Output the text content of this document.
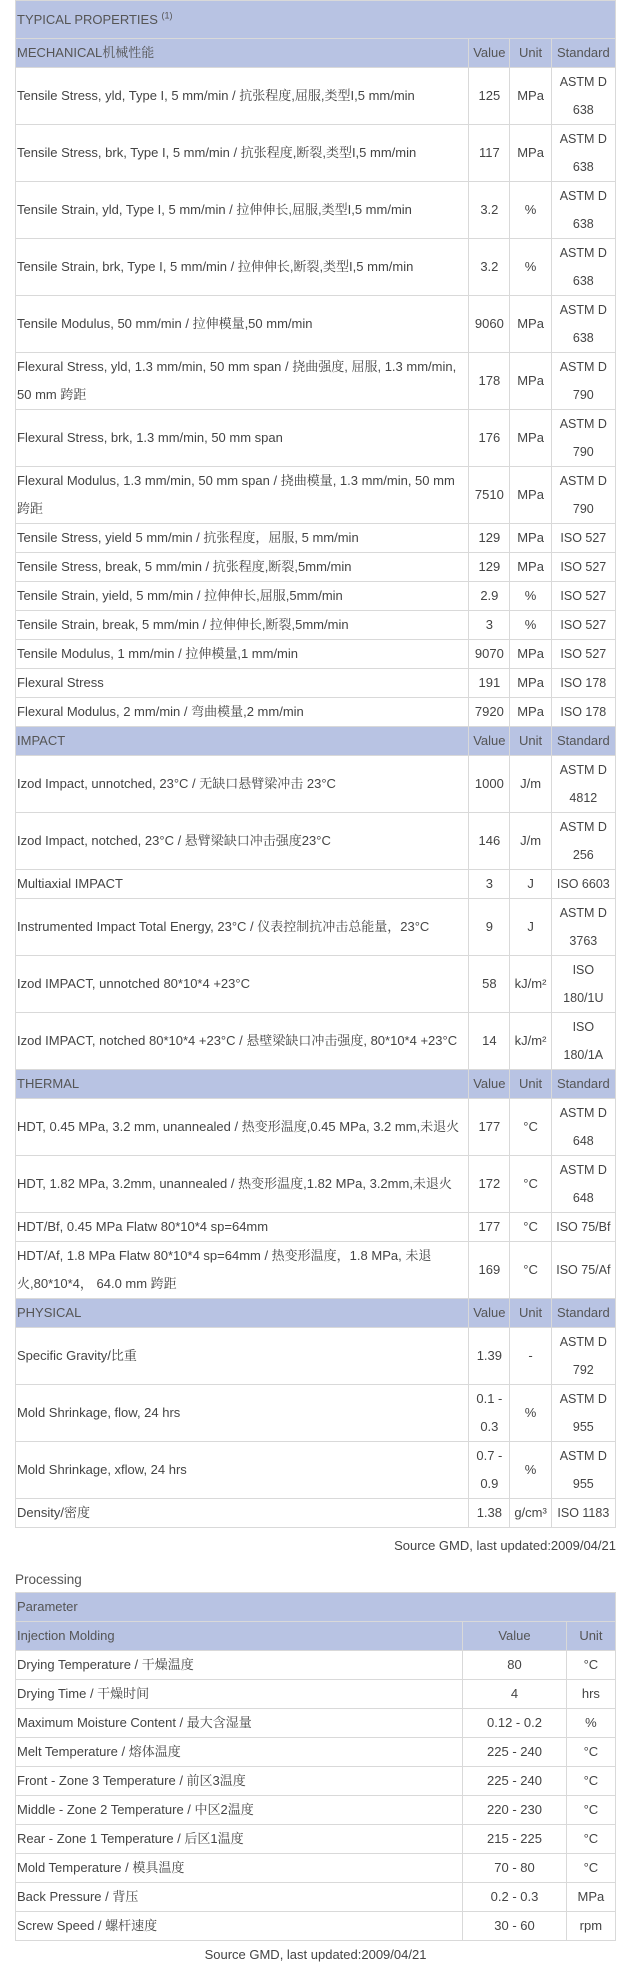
TYPICAL PROPERTIES $^{(1)}$
MECHANICAL机械性能	Value	Unit	Standard
Tensile Stress, yld, Type I, 5 mm/min / 抗张程度,屈服,类型I,5 mm/min	125	MPa	ASTM D 638
Tensile Stress, brk, Type I, 5 mm/min / 抗张程度,断裂,类型I,5 mm/min	117	MPa	ASTM D 638
Tensile Strain, yld, Type I, 5 mm/min / 拉伸伸长,屈服,类型I,5 mm/min	3.2	%	ASTM D 638
Tensile Strain, brk, Type I, 5 mm/min / 拉伸伸长,断裂,类型I,5 mm/min	3.2	%	ASTM D 638
Tensile Modulus, 50 mm/min / 拉伸模量,50 mm/min	9060	MPa	ASTM D 638
Flexural Stress, yld, 1.3 mm/min, 50 mm span / 挠曲强度, 屈服, 1.3 mm/min, 50 mm 跨距	178	MPa	ASTM D 790
Flexural Stress, brk, 1.3 mm/min, 50 mm span	176	MPa	ASTM D 790
Flexural Modulus, 1.3 mm/min, 50 mm span / 挠曲模量, 1.3 mm/min, 50 mm 跨距	7510	MPa	ASTM D 790
Tensile Stress, yield 5 mm/min / 抗张程度，屈服, 5 mm/min	129	MPa	ISO 527
Tensile Stress, break, 5 mm/min / 抗张程度,断裂,5mm/min	129	MPa	ISO 527
Tensile Strain, yield, 5 mm/min / 拉伸伸长,屈服,5mm/min	2.9	%	ISO 527
Tensile Strain, break, 5 mm/min / 拉伸伸长,断裂,5mm/min	3	%	ISO 527
Tensile Modulus, 1 mm/min / 拉伸模量,1 mm/min	9070	MPa	ISO 527
Flexural Stress	191	MPa	ISO 178
Flexural Modulus, 2 mm/min / 弯曲模量,2 mm/min	7920	MPa	ISO 178
IMPACT	Value	Unit	Standard
Izod Impact, unnotched, 23°C / 无缺口悬臂梁冲击 23°C	1000	J/m	ASTM D 4812
Izod Impact, notched, 23°C / 悬臂梁缺口冲击强度23°C	146	J/m	ASTM D 256
Multiaxial IMPACT	3	J	ISO 6603
Instrumented Impact Total Energy, 23°C / 仪表控制抗冲击总能量，23°C	9	J	ASTM D 3763
Izod IMPACT, unnotched 80*10*4 +23°C	58	kJ/m²	ISO 180/1U
Izod IMPACT, notched 80*10*4 +23°C / 悬壁梁缺口冲击强度, 80*10*4 +23°C	14	kJ/m²	ISO 180/1A
THERMAL	Value	Unit	Standard
HDT, 0.45 MPa, 3.2 mm, unannealed / 热变形温度,0.45 MPa, 3.2 mm,未退火	177	°C	ASTM D 648
HDT, 1.82 MPa, 3.2mm, unannealed / 热变形温度,1.82 MPa, 3.2mm,未退火	172	°C	ASTM D 648
HDT/Bf, 0.45 MPa Flatw 80*10*4 sp=64mm	177	°C	ISO 75/Bf
HDT/Af, 1.8 MPa Flatw 80*10*4 sp=64mm / 热变形温度，1.8 MPa, 未退火,80*10*4， 64.0 mm 跨距	169	°C	ISO 75/Af
PHYSICAL	Value	Unit	Standard
Specific Gravity/比重	1.39	-	ASTM D 792
Mold Shrinkage, flow, 24 hrs	0.1 - 0.3	%	ASTM D 955
Mold Shrinkage, xflow, 24 hrs	0.7 - 0.9	%	ASTM D 955
Density/密度	1.38	g/cm³	ISO 1183
Source GMD, last updated:2009/04/21
Processing
Parameter		
Injection Molding	Value	Unit
Drying Temperature / 干燥温度	80	°C
Drying Time / 干燥时间	4	hrs
Maximum Moisture Content / 最大含湿量	0.12 - 0.2	%
Melt Temperature / 熔体温度	225 - 240	°C
Front - Zone 3 Temperature / 前区3温度	225 - 240	°C
Middle - Zone 2 Temperature / 中区2温度	220 - 230	°C
Rear - Zone 1 Temperature / 后区1温度	215 - 225	°C
Mold Temperature / 模具温度	70 - 80	°C
Back Pressure / 背压	0.2 - 0.3	MPa
Screw Speed / 螺杆速度	30 - 60	rpm
Source GMD, last updated:2009/04/21
